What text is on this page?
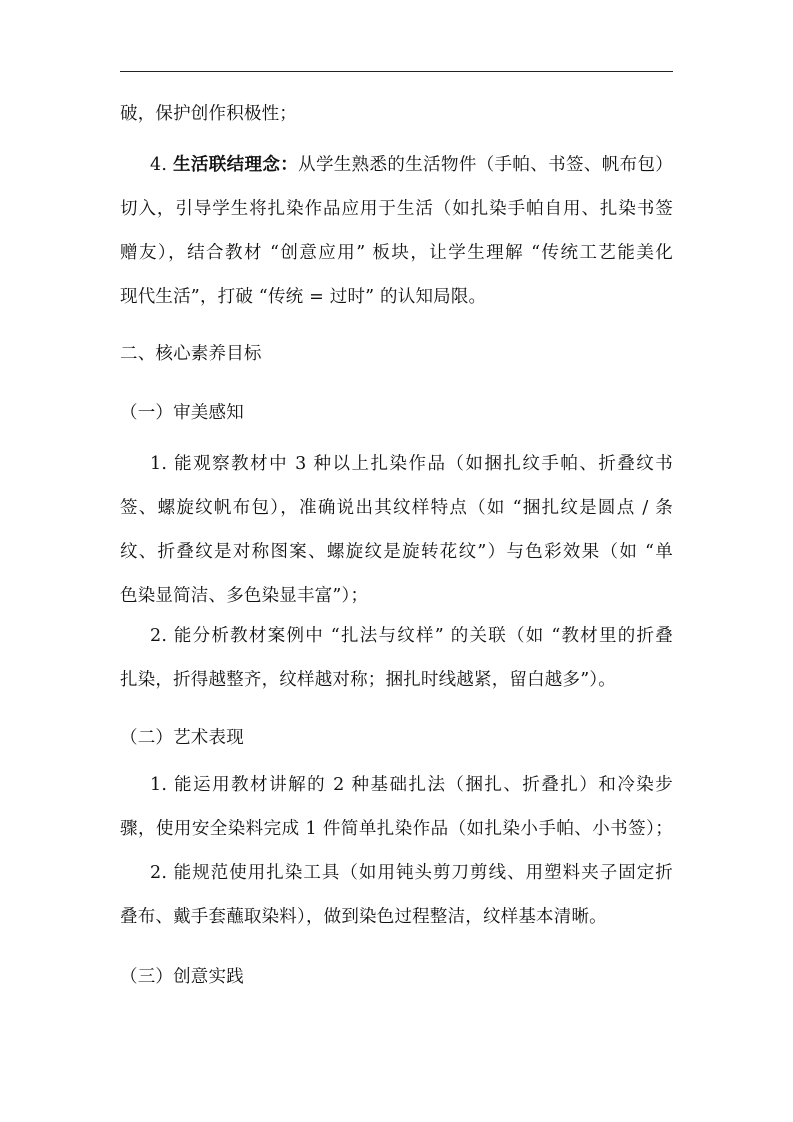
破，保护创作积极性；
4. 生活联结理念：从学生熟悉的生活物件（手帕、书签、帆布包）
切入，引导学生将扎染作品应用于生活（如扎染手帕自用、扎染书签
赠友），结合教材 “创意应用” 板块，让学生理解 “传统工艺能美化
现代生活”，打破 “传统 = 过时” 的认知局限。
二、核心素养目标
（一）审美感知
1. 能观察教材中 3 种以上扎染作品（如捆扎纹手帕、折叠纹书
签、螺旋纹帆布包），准确说出其纹样特点（如 “捆扎纹是圆点 / 条
纹、折叠纹是对称图案、螺旋纹是旋转花纹”）与色彩效果（如 “单
色染显简洁、多色染显丰富”）；
2. 能分析教材案例中 “扎法与纹样” 的关联（如 “教材里的折叠
扎染，折得越整齐，纹样越对称；捆扎时线越紧，留白越多”）。
（二）艺术表现
1. 能运用教材讲解的 2 种基础扎法（捆扎、折叠扎）和冷染步
骤，使用安全染料完成 1 件简单扎染作品（如扎染小手帕、小书签）；
2. 能规范使用扎染工具（如用钝头剪刀剪线、用塑料夹子固定折
叠布、戴手套蘸取染料），做到染色过程整洁，纹样基本清晰。
（三）创意实践
